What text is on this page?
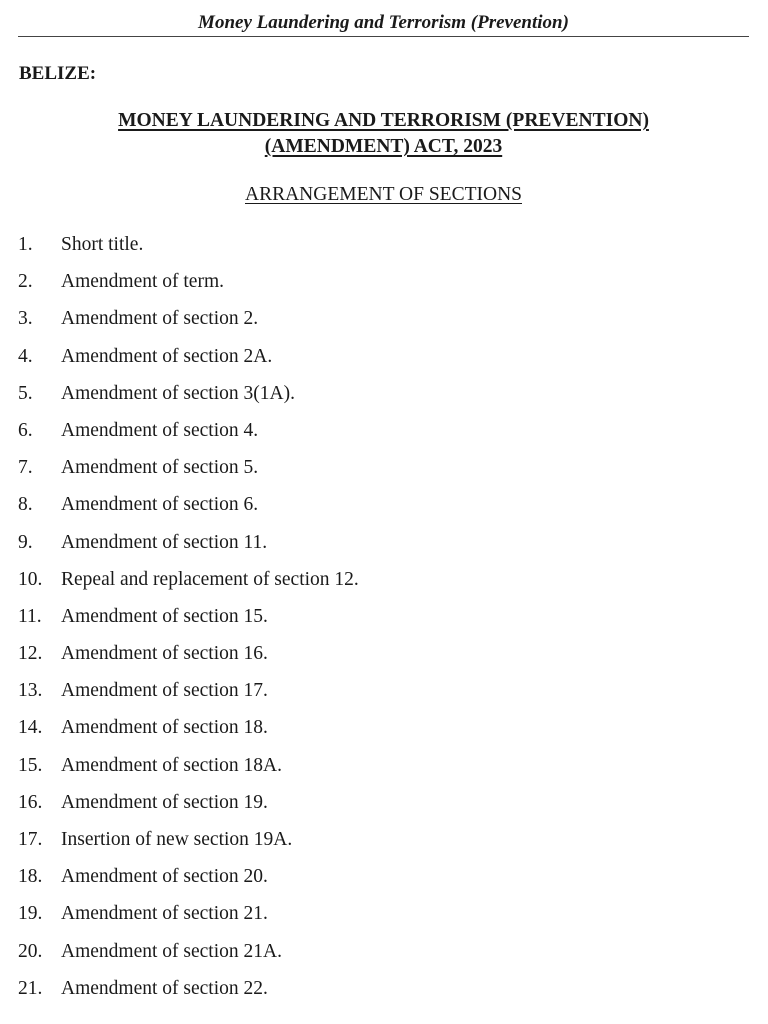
Money Laundering and Terrorism (Prevention)
BELIZE:
MONEY LAUNDERING AND TERRORISM (PREVENTION)
(AMENDMENT) ACT, 2023
ARRANGEMENT OF SECTIONS
1.	Short title.
2.	Amendment of term.
3.	Amendment of section 2.
4.	Amendment of section 2A.
5.	Amendment of section 3(1A).
6.	Amendment of section 4.
7.	Amendment of section 5.
8.	Amendment of section 6.
9.	Amendment of section 11.
10. Repeal and replacement of section 12.
11. Amendment of section 15.
12. Amendment of section 16.
13. Amendment of section 17.
14. Amendment of section 18.
15. Amendment of section 18A.
16. Amendment of section 19.
17. Insertion of new section 19A.
18. Amendment of section 20.
19. Amendment of section 21.
20. Amendment of section 21A.
21. Amendment of section 22.
